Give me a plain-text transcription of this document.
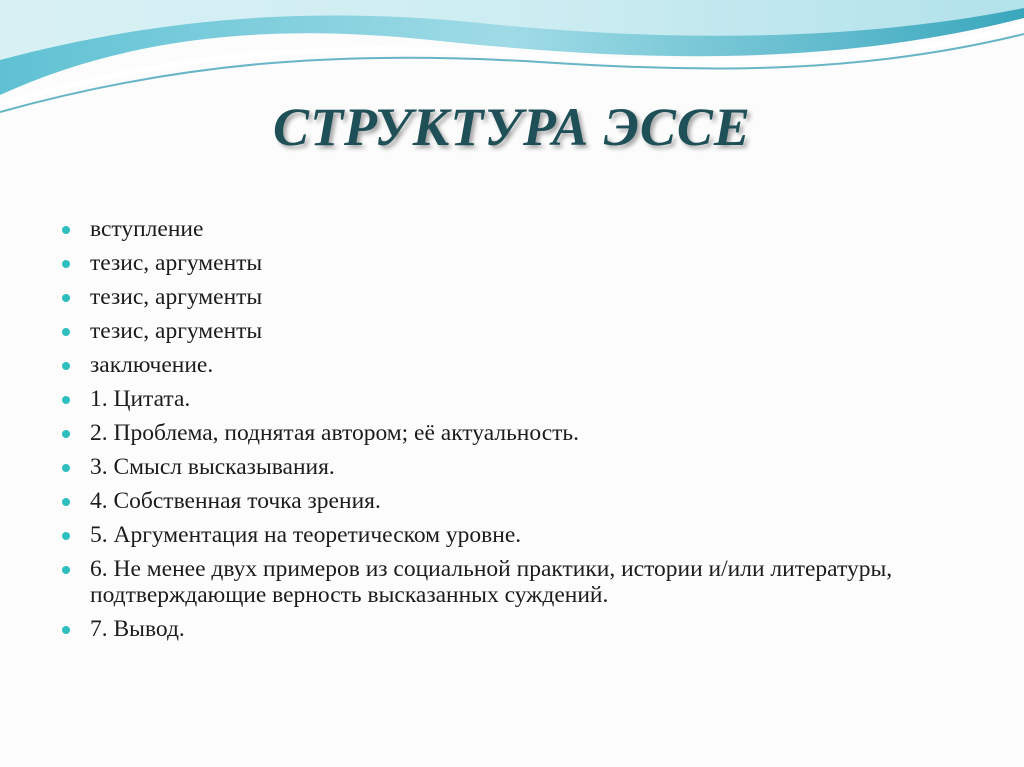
СТРУКТУРА ЭССЕ
вступление
тезис, аргументы
тезис, аргументы
тезис, аргументы
заключение.
1. Цитата.
2. Проблема, поднятая автором; её актуальность.
3. Смысл высказывания.
4. Собственная точка зрения.
5. Аргументация на теоретическом уровне.
6. Не менее двух примеров из социальной практики, истории и/или литературы, подтверждающие верность высказанных суждений.
7. Вывод.
